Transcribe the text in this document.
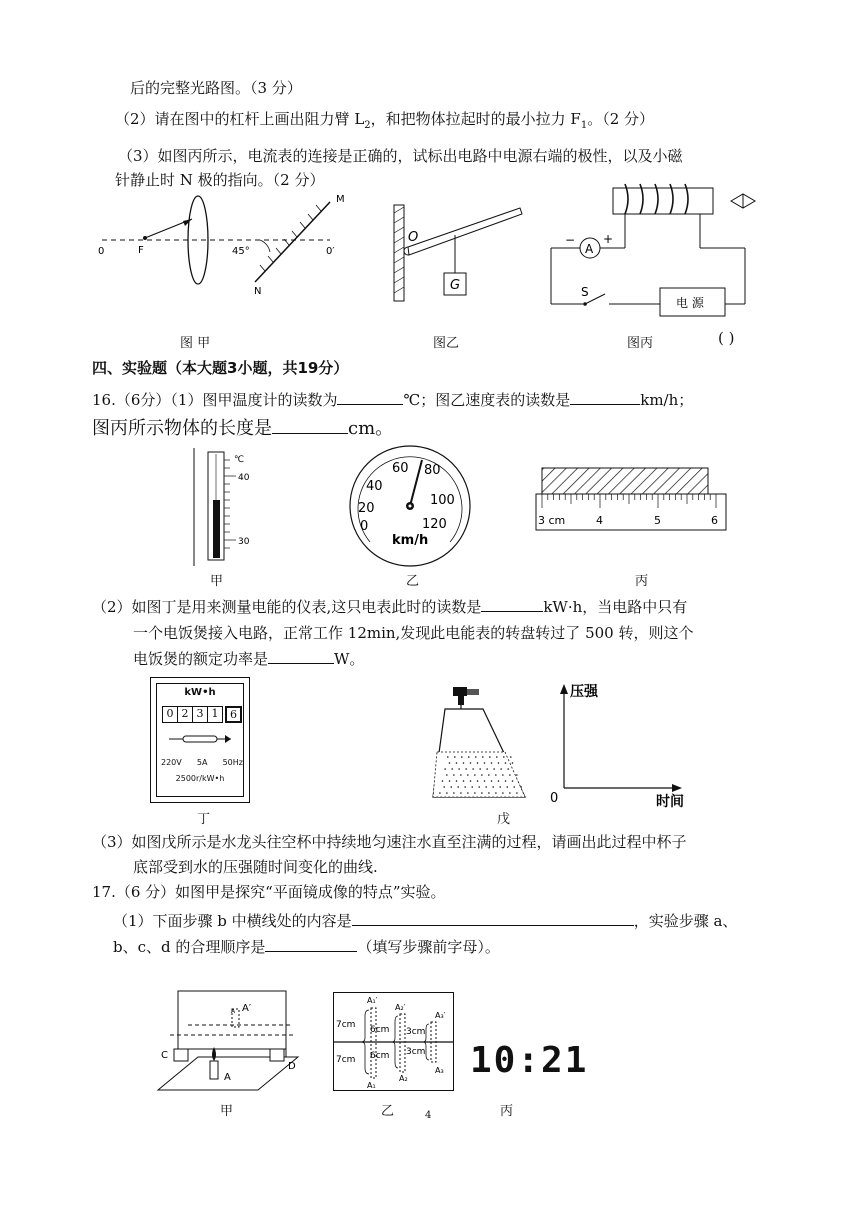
后的完整光路图。（3 分）
（2）请在图中的杠杆上画出阻力臂 $L_2$，和把物体拉起时的最小拉力 $F_1$。（2 分）
（3）如图丙所示，电流表的连接是正确的，试标出电路中电源右端的极性，以及小磁
针静止时 N 极的指向。（2 分）
0	F	45°	0′
M
N
图 甲
O
G
图乙
−
A
+
S
电 源
图丙	( )
四、实验题（本大题3小题，共19分）
16.（6分）（1）图甲温度计的读数为	℃；图乙速度表的读数是	km/h；
图丙所示物体的长度是	cm。
℃
40
30
甲
0
20
40
60 80
100
120
km/h
乙
3 cm	4	5	6
丙
（2）如图丁是用来测量电能的仪表,这只电表此时的读数是	kW·h，当电路中只有
一个电饭煲接入电路，正常工作 12min,发现此电能表的转盘转过了 500 转，则这个
电饭煲的额定功率是	W。
kW•h
0 2 3 1	6
220V 5A 50Hz
2500r/kW•h
丁	戊
压强
时间
0
（3）如图戊所示是水龙头往空杯中持续地匀速注水直至注满的过程，请画出此过程中杯子
底部受到水的压强随时间变化的曲线.
17.（6 分）如图甲是探究“平面镜成像的特点”实验。
（1）下面步骤 b 中横线处的内容是	，实验步骤 a、
b、c、d 的合理顺序是	（填写步骤前字母）。
C
D
A
A′
A
甲
A₁′
A₂′
A₃′
A₁
A₂
A₃
7cm 6cm 3cm
7cm 6cm 3cm
乙
10:21
丙
4
